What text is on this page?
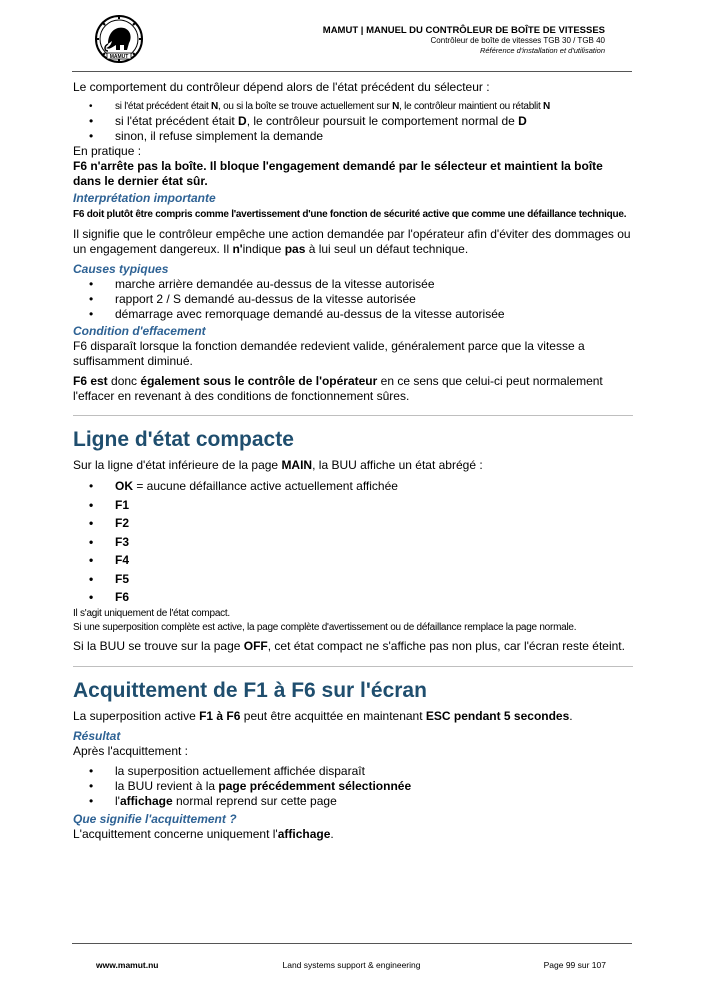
MAMUT
MAMUT | MANUEL DU CONTRÔLEUR DE BOÎTE DE VITESSES
Contrôleur de boîte de vitesses TGB 30 / TGB 40
Référence d'installation et d'utilisation

Le comportement du contrôleur dépend alors de l'état précédent du sélecteur :

• si l'état précédent était N, ou si la boîte se trouve actuellement sur N, le contrôleur maintient ou rétablit N
• si l'état précédent était D, le contrôleur poursuit le comportement normal de D
• sinon, il refuse simplement la demande

En pratique :

F6 n'arrête pas la boîte. Il bloque l'engagement demandé par le sélecteur et maintient la boîte dans le dernier état sûr.

Interprétation importante

F6 doit plutôt être compris comme l'avertissement d'une fonction de sécurité active que comme une défaillance technique.

Il signifie que le contrôleur empêche une action demandée par l'opérateur afin d'éviter des dommages ou un engagement dangereux. Il n'indique pas à lui seul un défaut technique.

Causes typiques
• marche arrière demandée au-dessus de la vitesse autorisée
• rapport 2 / S demandé au-dessus de la vitesse autorisée
• démarrage avec remorquage demandé au-dessus de la vitesse autorisée
Condition d'effacement

F6 disparaît lorsque la fonction demandée redevient valide, généralement parce que la vitesse a suffisamment diminué.

F6 est donc également sous le contrôle de l'opérateur en ce sens que celui-ci peut normalement l'effacer en revenant à des conditions de fonctionnement sûres.

Ligne d'état compacte

Sur la ligne d'état inférieure de la page MAIN, la BUU affiche un état abrégé :

• OK = aucune défaillance active actuellement affichée
• F1
• F2
• F3
• F4
• F5
• F6

Il s'agit uniquement de l'état compact.

Si une superposition complète est active, la page complète d'avertissement ou de défaillance remplace la page normale.

Si la BUU se trouve sur la page OFF, cet état compact ne s'affiche pas non plus, car l'écran reste éteint.

Acquittement de F1 à F6 sur l'écran

La superposition active F1 à F6 peut être acquittée en maintenant ESC pendant 5 secondes.

Résultat

Après l'acquittement :

• la superposition actuellement affichée disparaît
• la BUU revient à la page précédemment sélectionnée
• l'affichage normal reprend sur cette page
Que signifie l'acquittement ?

L'acquittement concerne uniquement l'affichage.

www.mamut.nu	Land systems support & engineering	Page 99 sur 107
